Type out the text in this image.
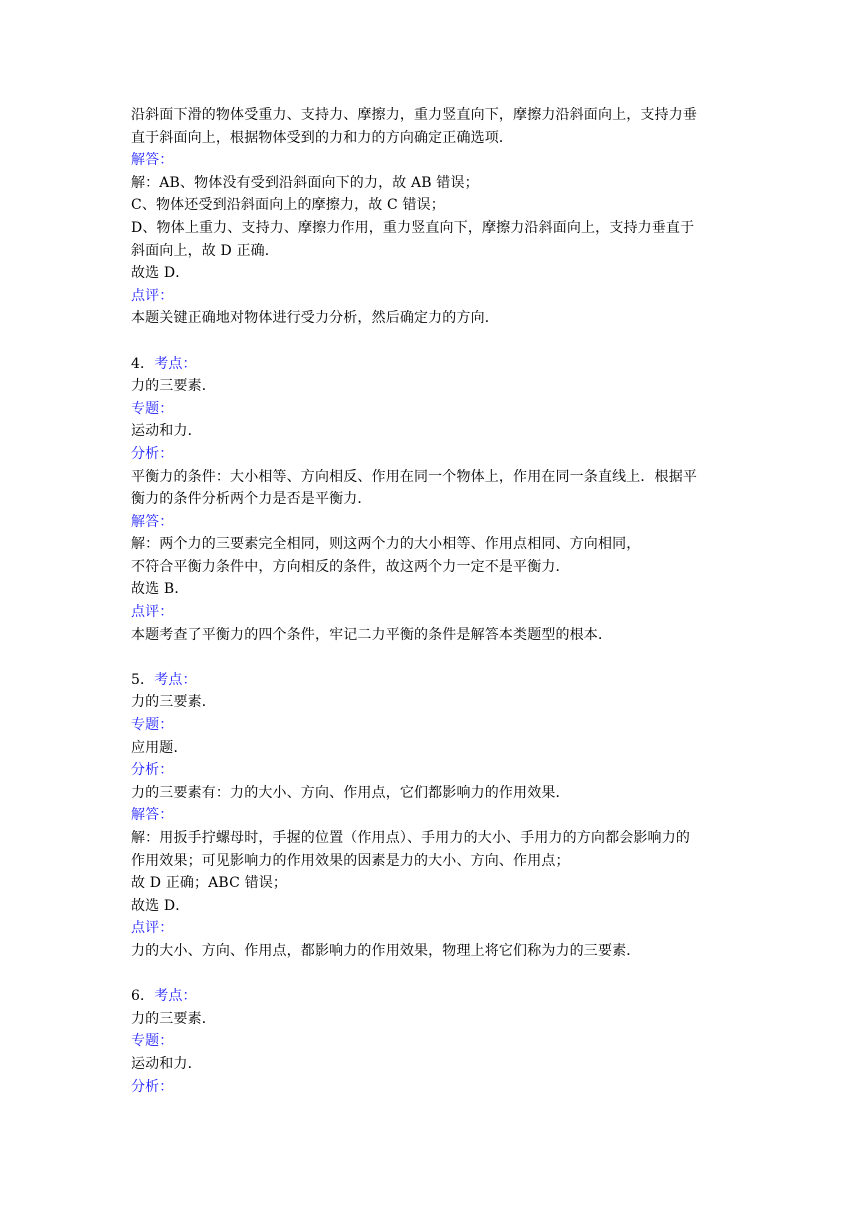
沿斜面下滑的物体受重力、支持力、摩擦力，重力竖直向下，摩擦力沿斜面向上，支持力垂
直于斜面向上，根据物体受到的力和力的方向确定正确选项．
解答：
解：AB、物体没有受到沿斜面向下的力，故 AB 错误；
C、物体还受到沿斜面向上的摩擦力，故 C 错误；
D、物体上重力、支持力、摩擦力作用，重力竖直向下，摩擦力沿斜面向上，支持力垂直于
斜面向上，故 D 正确．
故选 D．
点评：
本题关键正确地对物体进行受力分析，然后确定力的方向．
4．考点：
力的三要素．
专题：
运动和力．
分析：
平衡力的条件：大小相等、方向相反、作用在同一个物体上，作用在同一条直线上．根据平
衡力的条件分析两个力是否是平衡力．
解答：
解：两个力的三要素完全相同，则这两个力的大小相等、作用点相同、方向相同，
不符合平衡力条件中，方向相反的条件，故这两个力一定不是平衡力．
故选 B．
点评：
本题考查了平衡力的四个条件，牢记二力平衡的条件是解答本类题型的根本．
5．考点：
力的三要素．
专题：
应用题．
分析：
力的三要素有：力的大小、方向、作用点，它们都影响力的作用效果．
解答：
解：用扳手拧螺母时，手握的位置（作用点）、手用力的大小、手用力的方向都会影响力的
作用效果；可见影响力的作用效果的因素是力的大小、方向、作用点；
故 D 正确；ABC 错误；
故选 D．
点评：
力的大小、方向、作用点，都影响力的作用效果，物理上将它们称为力的三要素．
6．考点：
力的三要素．
专题：
运动和力．
分析：
